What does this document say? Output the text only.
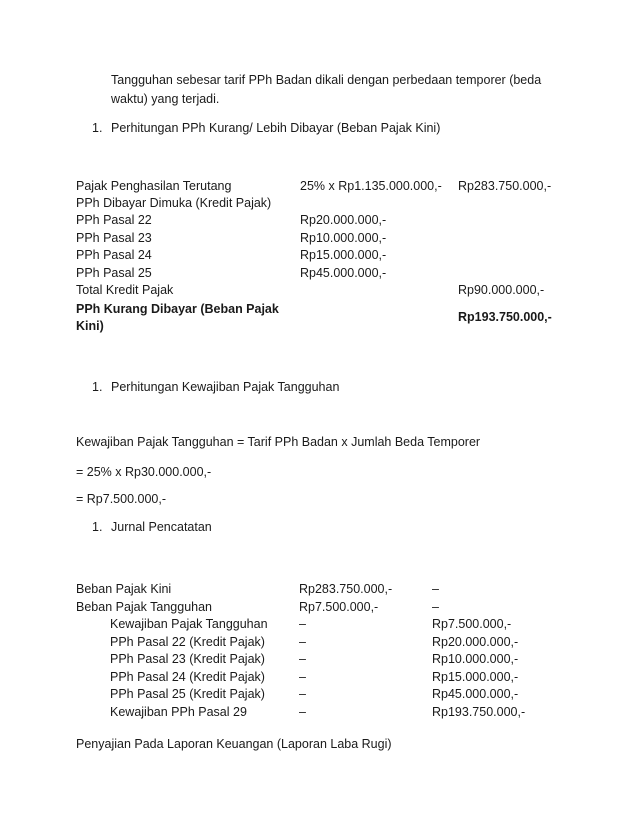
Tangguhan sebesar tarif PPh Badan dikali dengan perbedaan temporer (beda
waktu) yang terjadi.
1. Perhitungan PPh Kurang/ Lebih Dibayar (Beban Pajak Kini)
Pajak Penghasilan Terutang	25% x Rp1.135.000.000,- Rp283.750.000,-
PPh Dibayar Dimuka (Kredit Pajak)
PPh Pasal 22	Rp20.000.000,-
PPh Pasal 23	Rp10.000.000,-
PPh Pasal 24	Rp15.000.000,-
PPh Pasal 25	Rp45.000.000,-
Total Kredit Pajak	Rp90.000.000,-
PPh Kurang Dibayar (Beban Pajak
Kini)
Rp193.750.000,-
1. Perhitungan Kewajiban Pajak Tangguhan
Kewajiban Pajak Tangguhan = Tarif PPh Badan x Jumlah Beda Temporer
= 25% x Rp30.000.000,-
= Rp7.500.000,-
1. Jurnal Pencatatan
Beban Pajak Kini	Rp283.750.000,-	–
Beban Pajak Tangguhan	Rp7.500.000,-	–
Kewajiban Pajak Tangguhan	–	Rp7.500.000,-
PPh Pasal 22 (Kredit Pajak)	–	Rp20.000.000,-
PPh Pasal 23 (Kredit Pajak)	–	Rp10.000.000,-
PPh Pasal 24 (Kredit Pajak)	–	Rp15.000.000,-
PPh Pasal 25 (Kredit Pajak)	–	Rp45.000.000,-
Kewajiban PPh Pasal 29	–	Rp193.750.000,-
Penyajian Pada Laporan Keuangan (Laporan Laba Rugi)
